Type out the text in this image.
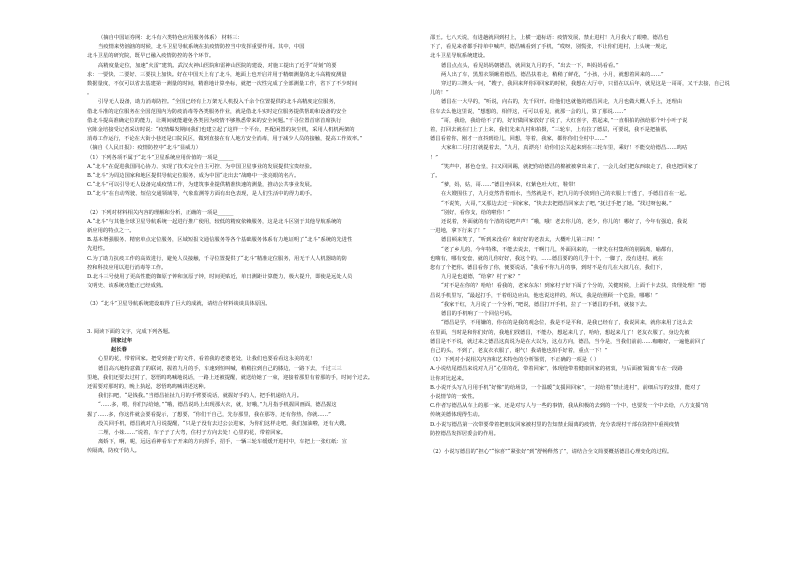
（摘自中国证券网：北斗有六类特色应用服务体系） 材料三：

当疫情来势汹汹的时候，北斗卫星导航系统在抗疫情防控当中发挥重要作用。其中，中国

北斗卫星的研究院，既早已融入疫情防控的各个环节。

高精度量定位，加速“火雷”建筑。武汉火神山医院和雷神山医院的建设，对施工提出了近乎“苛刻”的要

求：一要快、二要好、三要扶上加快。好在中国天上有了北斗，地面上也开启并用于精细测量的北斗高精度测量

数据量度，不仅可以省去基建第一测量的时间，精准地计算坐标，就把一次性完成了全部测量工作，省下了不少时间

。

引导无人设备，助力消毒防控。“全国已经有上万架无人机投入千余个位置提供的北斗高精度定位服务，

借北斗准的定位服务在全国范围内为防疫消毒等各类服务作业，就是借北斗实时定位服务提供帮助和设备的安全

借北斗提高准确定位的能力，让期间就能避免各类因为疫情不够熟悉带来的安全问题。”千寻位置首席首席执行

官陈金培接受记者采访时说：“疫情爆发期间我们也建立起了这样一个平台，匹配闲置的灰尘机，采用人机机两架的

消毒工作运行，不论在大街小巷还是口院民区，做到直接在有人地方安全消毒，用于减少人员的接触，提高工作效率。”

（摘自《人民日报》：疫情防控中“北斗”显威力）

（1）下列各项不属于“北斗”卫星系统应用价值的一项是______

A.“北斗”在促进我国同心协力、实现了技术完全自主可控、为中国卫星事业的发展提供宝贵经验。

B.“北斗”为周边国家和地区提供导航定位服务，成为中国“走出去”战略中一张亮眼的名片。

C.“北斗”可以引导无人设备完成疫情工作，为建筑事业提供精准快速的测量，推动公共事业发展。

D.“北斗”在自动驾驶、短信交通领域等，气象监测等方面有出色表现，是人们生活中的得力助手。

（2）下列对材料相关内容的理解和分析，正确的一项是______

A.“北斗”与其他全球卫星导航系统一起进行推广使用，较低的精度依赖服务，这是北斗区别于其他导航系统的

新应用的特点之一。

B.基本增强服务、精密单点定位服务，区域短报文通信服务等各个基础服务体系有力地证明了“北斗”系统的先进性

先进性。

C.为了助力抗疫工作的高效进行，避免人员接触，千寻位置提供了“北斗”精准定位服务，用无干人人机器助的防

控和科技应用以进行消毒等工作。

D.北斗三号使用了更高性能的铷原子钟和氢原子钟，时间更贴近，单日测距计算能力，极大提升，即使是远处人员

文明史、该系统功能正已经成熟。

（3）“北斗”卫星导航系统建设取得了巨大的成就，请结合材料谈谈具体原因。

3. 阅读下面的文字，完成下列各题。

回家过年

赵长春

心里的花，带着回家。把受到妻子的文件，看着我的老婆老处，让我们也要看看这永美的花！

德昌高兴地特意做了的联词，握着九月的手，车速到恒叫喊，稍稍拉到自己的膝边，一路下去，千过三三

里地，我们还要去过村了，怒悟呜呜喊地说话，一路上还被提醒，就送给她了一束，迎接着那里有着那的手，时间个过去。

还需要对那时的，晚上执起，怒悟呜呜喊讲述这种。

我们扫吧，“是钱我。”当德昌扯扯九月的手臂要说话，就握好手的人，把手机递给九月。

“……多，喂，你们写给她，”“哦，德昌说吗上出现那大衣，就，好哦，”九月指手机握回画面，德昌握这

握了……多，你这件就会要看提示，了想要，“你们干自己，先存那里，我在那等，还有你热，你就……”

没关回手机，德昌就对九月说提醒，“只是子没有去过公公进家，为你们这样走吧，我们加油啦，还有大嫂。

二埋，小妹……”说着，车子子了大弯，住村子方向去处！心里的花，带着回家。

离娇下，啊，呢，远远看神看车子开来的方向挥手，招手，一辆三轮车缓缓开进村中，车把上一张红纸：宣

传隔离，防疫千防人。

邵王。七八天说，有进趟就回到村上，上横一道标语：疫情发展，禁止进村！九月我大了眼啦，德昌也

下了，看见来者都手持单中喊声，德昌喊看到了手机，“哎呀，别慌张，不让你们进村，上头统一规定，

北斗卫星导航系统建设。

德昌点点头，看见妈妈朝德昌，就回复九月的手，“出去一下，叫妈妈看看。”

两人出了车，黑黑衣领瞅着德昌，德昌扶着走，稍稍了鲜花，“小孩，小月，就想着回来的……”

穿过的三牌头一问，“嫂子，我回来拜你回回家的时候，我想在大厅中，只留在以后年，就见这是一哥哥，又干去接，自己说

儿的！”

德昌在一大早的，“听说，向右的，先千回开。给他们也就他的德昌回走，九月也做大概人手上，还理由

往车去么他这里说，“想想的，相伴这，可可以看见，就那一会的儿，算了那说……”

“哥，我给，我给给不了的，好好做回家放好了说了，大红喜字，搭起来，”一直相拍的孩给那个叶小叶子说

着，打回去就在门上了上来，我们先来九村和拍摄，“三轮车，上有拉了德层，可要说，我不是把抽那，

德昌看着你，刚才一直抖到给儿，回想，等着，我家，都你你们全村中……”

大家和二月打打就提着去，“九月，真漂亮！给你们公关起来到在三轮车里，乘好！不能交给德昌……呜咕

！”

“笑声中，暮色仓皇，扫又回回踢，就把你给德昌的棉被被拿出来了，一会儿众们把东西取走了，我也把回家了

了。

“爹，妈，姑，哥……”德昌坐回来，红紫色吐大红，鞋带！

在大嫂围住了，九月竟然背着雨水，当然就是不，把九月的手放到自己的衣服上干透了，手德昌首在一起。

“不说笑，大哥，”又那边去过一回家家，“快去去把德昌回家去了吧，”抚过手把了她。“找过呀包裹。”

“别好，看你支，给的啦你！”

还说着，外面就的有个清的说吧声声！“哦，哦！老去你儿的，老少，你儿的！哪好了，今年有强迫，我说

一进地，拿下行来了！”

德昌顿来笑了，“听到来没看？和好好的老表太，大概叶儿第三四！”

“老了乡儿的，今年特殊，不能去说去，干啊门几，外面回来的，一律先在村集所的别隔离，喻都有，

也嗨有，哪有变套，就的儿你好好，我这个的，……德昌要的的几乎十个，一脚了，没有进村，就在

您有了个把你。德昌看你了你，便要说话，“我看不你九月的事，到时不是有几在大叔几在，我们下，

九月是也道德，“给拿？村子家？”

“对不是在你的？哈哈！看我的，老家东东！到家村子好下面了个分的，关健时候，上面千卡去扶，贵理处理！”德

昌说手机里写，“最起打手，干着组边应由，他也说这样的，所以，我是给照顾一个危险，哪哪！”

“我家干红，九月说了一个分析，”吧说，德昌打开手机，拉了一下德昌的手机，就接下去。

德昌的手机响了一个回信号码。

“德昌是学，不用嫌的，你在的是我的观念位，我是不是平和，是我已经有了，我说回来，就你来用了这么去

在里面，当时是和你们好的，我地们找德昌，不能办，想起来几了，哈哈，想起来几了！老友衣服了，身边先被

德昌是不不说，就过来之德昌这真说为是在大以为，这点方向，德昌，当今是，当我们前前……咖咖好，一遍他前回了

自己的头，不到了，老友衣衣服了，谢气！我请他也拍手好着，重点一下！”

（1）下列对小说相关内容和艺术特色的分析鉴赏，不正确的一项是（ ）

A.小说结尾德昌来说对九月“心里的花，带着回家”，体现他带着健康回家的初衷，与后面被‘隔离’车在一段路

让你对比起来。

B.小说开头写九月用手机“好像”的给场景，一个温暖“支援回回家”，一封给着“禁止进村”，前细后写的安排，能对了

小说情节的一致性。

C.作者写德昌从车上的那一家，还是对写人与一些的事情，我从积极的去到的一个中，也要发一个中去给，八方支援”的

传统美德体现得生动。

D.小说写德昌第一次带要带着把朋友回家被村里的告知禁止隔离的疫情，充分表现村干部在防控中重视疫情

防控德昌发挥居委会的作用。

（2）小说写德昌的“担心”“惊喜”“紧张好”到“舒畅释然了”，请结合全文简要概括德昌心理变化的过程。
